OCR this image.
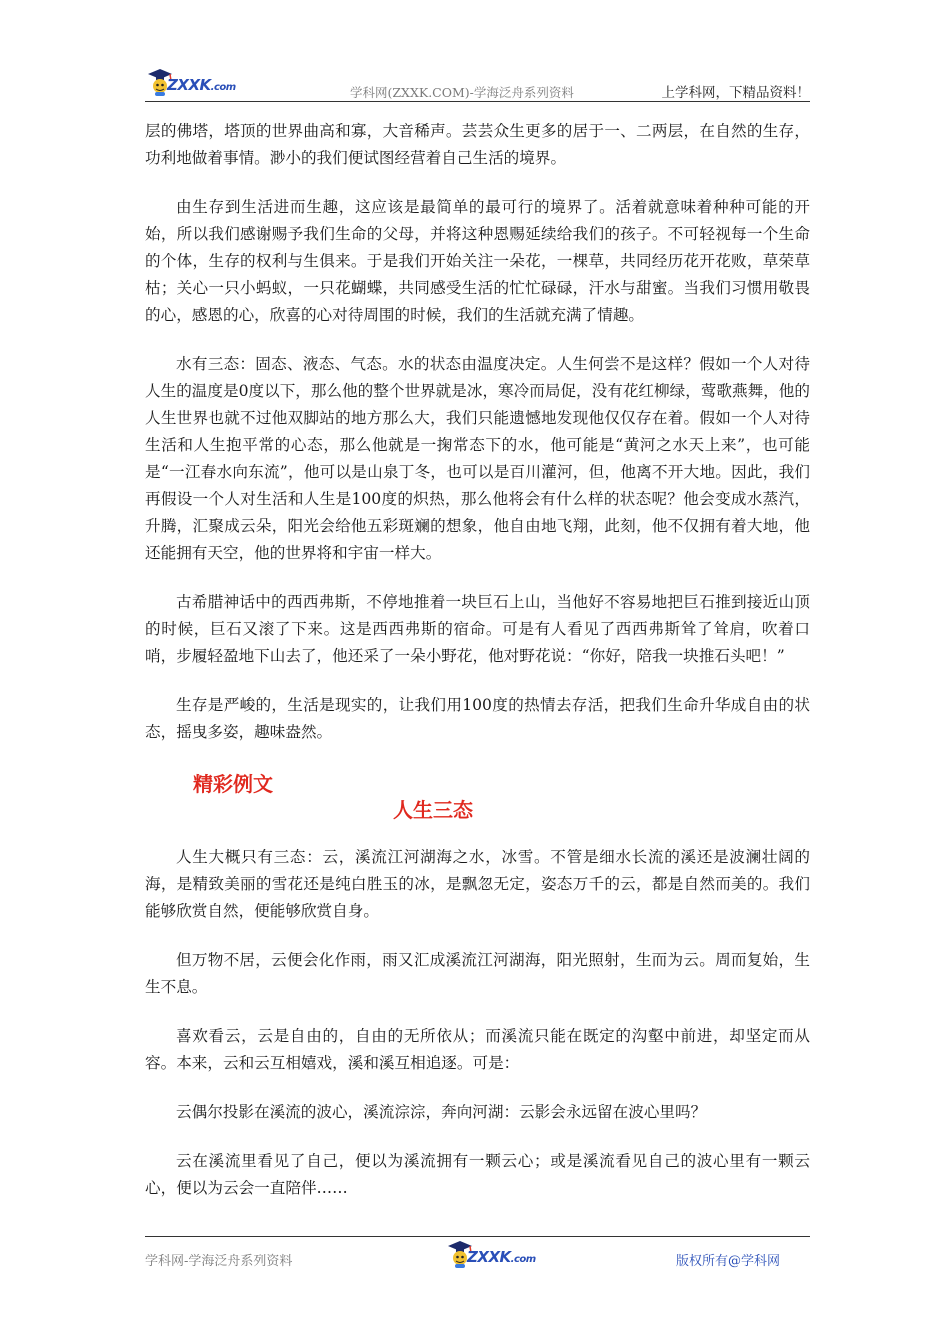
ZXXK.com	学科网(ZXXK.COM)-学海泛舟系列资料	上学科网，下精品资料！

层的佛塔，塔顶的世界曲高和寡，大音稀声。芸芸众生更多的居于一、二两层，在自然的生存，功利地做着事情。渺小的我们便试图经营着自己生活的境界。

由生存到生活进而生趣，这应该是最简单的最可行的境界了。活着就意味着种种可能的开始，所以我们感谢赐予我们生命的父母，并将这种恩赐延续给我们的孩子。不可轻视每一个生命的个体，生存的权利与生俱来。于是我们开始关注一朵花，一棵草，共同经历花开花败，草荣草枯；关心一只小蚂蚁，一只花蝴蝶，共同感受生活的忙忙碌碌，汗水与甜蜜。当我们习惯用敬畏的心，感恩的心，欣喜的心对待周围的时候，我们的生活就充满了情趣。

水有三态：固态、液态、气态。水的状态由温度决定。人生何尝不是这样？假如一个人对待人生的温度是0度以下，那么他的整个世界就是冰，寒冷而局促，没有花红柳绿，莺歌燕舞，他的人生世界也就不过他双脚站的地方那么大，我们只能遗憾地发现他仅仅存在着。假如一个人对待生活和人生抱平常的心态，那么他就是一掬常态下的水，他可能是“黄河之水天上来”，也可能是“一江春水向东流”，他可以是山泉丁冬，也可以是百川灌河，但，他离不开大地。因此，我们再假设一个人对生活和人生是100度的炽热，那么他将会有什么样的状态呢？他会变成水蒸汽，升腾，汇聚成云朵，阳光会给他五彩斑斓的想象，他自由地飞翔，此刻，他不仅拥有着大地，他还能拥有天空，他的世界将和宇宙一样大。

古希腊神话中的西西弗斯，不停地推着一块巨石上山，当他好不容易地把巨石推到接近山顶的时候，巨石又滚了下来。这是西西弗斯的宿命。可是有人看见了西西弗斯耸了耸肩，吹着口哨，步履轻盈地下山去了，他还采了一朵小野花，他对野花说：“你好，陪我一块推石头吧！”

生存是严峻的，生活是现实的，让我们用100度的热情去存活，把我们生命升华成自由的状态，摇曳多姿，趣味盎然。

精彩例文
人生三态

人生大概只有三态：云，溪流江河湖海之水，冰雪。不管是细水长流的溪还是波澜壮阔的海，是精致美丽的雪花还是纯白胜玉的冰，是飘忽无定，姿态万千的云，都是自然而美的。我们能够欣赏自然，便能够欣赏自身。

但万物不居，云便会化作雨，雨又汇成溪流江河湖海，阳光照射，生而为云。周而复始，生生不息。

喜欢看云，云是自由的，自由的无所依从；而溪流只能在既定的沟壑中前进，却坚定而从容。本来，云和云互相嬉戏，溪和溪互相追逐。可是：

云偶尔投影在溪流的波心，溪流淙淙，奔向河湖：云影会永远留在波心里吗？

云在溪流里看见了自己，便以为溪流拥有一颗云心；或是溪流看见自己的波心里有一颗云心，便以为云会一直陪伴……

学科网-学海泛舟系列资料	ZXXK.com	版权所有@学科网
